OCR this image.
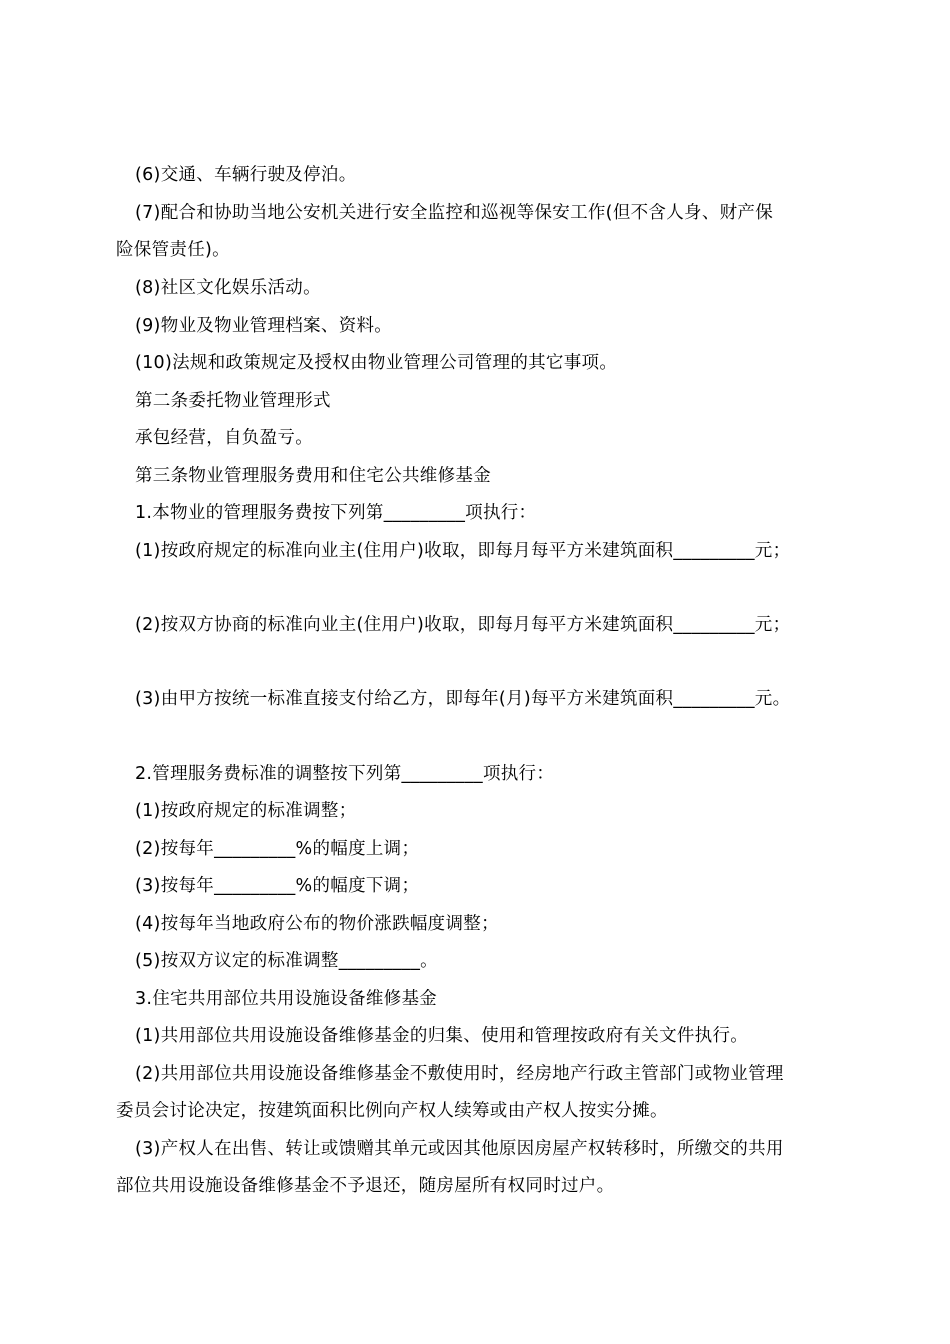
(6)交通、车辆行驶及停泊。
(7)配合和协助当地公安机关进行安全监控和巡视等保安工作(但不含人身、财产保
险保管责任)。
(8)社区文化娱乐活动。
(9)物业及物业管理档案、资料。
(10)法规和政策规定及授权由物业管理公司管理的其它事项。
第二条委托物业管理形式
承包经营，自负盈亏。
第三条物业管理服务费用和住宅公共维修基金
1.本物业的管理服务费按下列第_________项执行：
(1)按政府规定的标准向业主(住用户)收取，即每月每平方米建筑面积_________元；
(2)按双方协商的标准向业主(住用户)收取，即每月每平方米建筑面积_________元；
(3)由甲方按统一标准直接支付给乙方，即每年(月)每平方米建筑面积_________元。
2.管理服务费标准的调整按下列第_________项执行：
(1)按政府规定的标准调整；
(2)按每年_________%的幅度上调；
(3)按每年_________%的幅度下调；
(4)按每年当地政府公布的物价涨跌幅度调整；
(5)按双方议定的标准调整_________。
3.住宅共用部位共用设施设备维修基金
(1)共用部位共用设施设备维修基金的归集、使用和管理按政府有关文件执行。
(2)共用部位共用设施设备维修基金不敷使用时，经房地产行政主管部门或物业管理
委员会讨论决定，按建筑面积比例向产权人续筹或由产权人按实分摊。
(3)产权人在出售、转让或馈赠其单元或因其他原因房屋产权转移时，所缴交的共用
部位共用设施设备维修基金不予退还，随房屋所有权同时过户。
